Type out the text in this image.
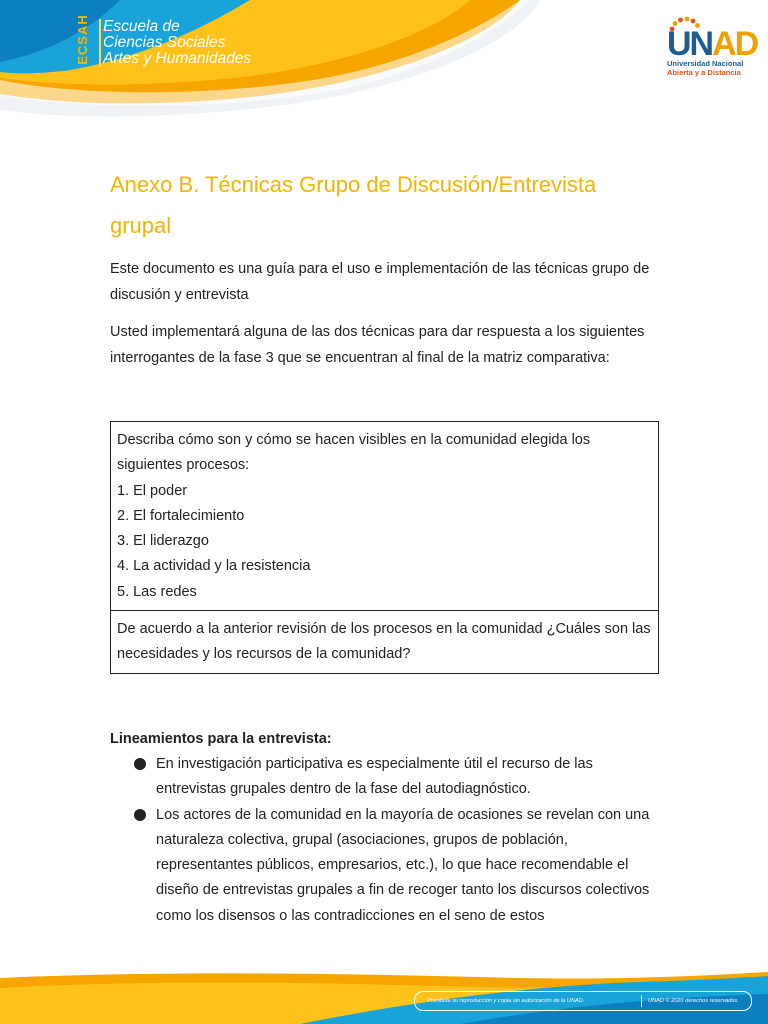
ECSAH Escuela de
Ciencias Sociales
Artes y Humanidades	UNAD
Universidad Nacional
Abierta y a Distancia
Anexo B. Técnicas Grupo de Discusión/Entrevista grupal

Este documento es una guía para el uso e implementación de las técnicas grupo de discusión y entrevista

Usted implementará alguna de las dos técnicas para dar respuesta a los siguientes interrogantes de la fase 3 que se encuentran al final de la matriz comparativa:

Describa cómo son y cómo se hacen visibles en la comunidad elegida los siguientes procesos:
1. El poder
2. El fortalecimiento
3. El liderazgo
4. La actividad y la resistencia
5. Las redes
De acuerdo a la anterior revisión de los procesos en la comunidad ¿Cuáles son las necesidades y los recursos de la comunidad?

Lineamientos para la entrevista:

En investigación participativa es especialmente útil el recurso de las entrevistas grupales dentro de la fase del autodiagnóstico.
Los actores de la comunidad en la mayoría de ocasiones se revelan con una naturaleza colectiva, grupal (asociaciones, grupos de población, representantes públicos, empresarios, etc.), lo que hace recomendable el diseño de entrevistas grupales a fin de recoger tanto los discursos colectivos como los disensos o las contradicciones en el seno de estos
Prohibida su reproducción y copia sin autorización de la UNAD.	UNAD © 2020 derechos reservados.
